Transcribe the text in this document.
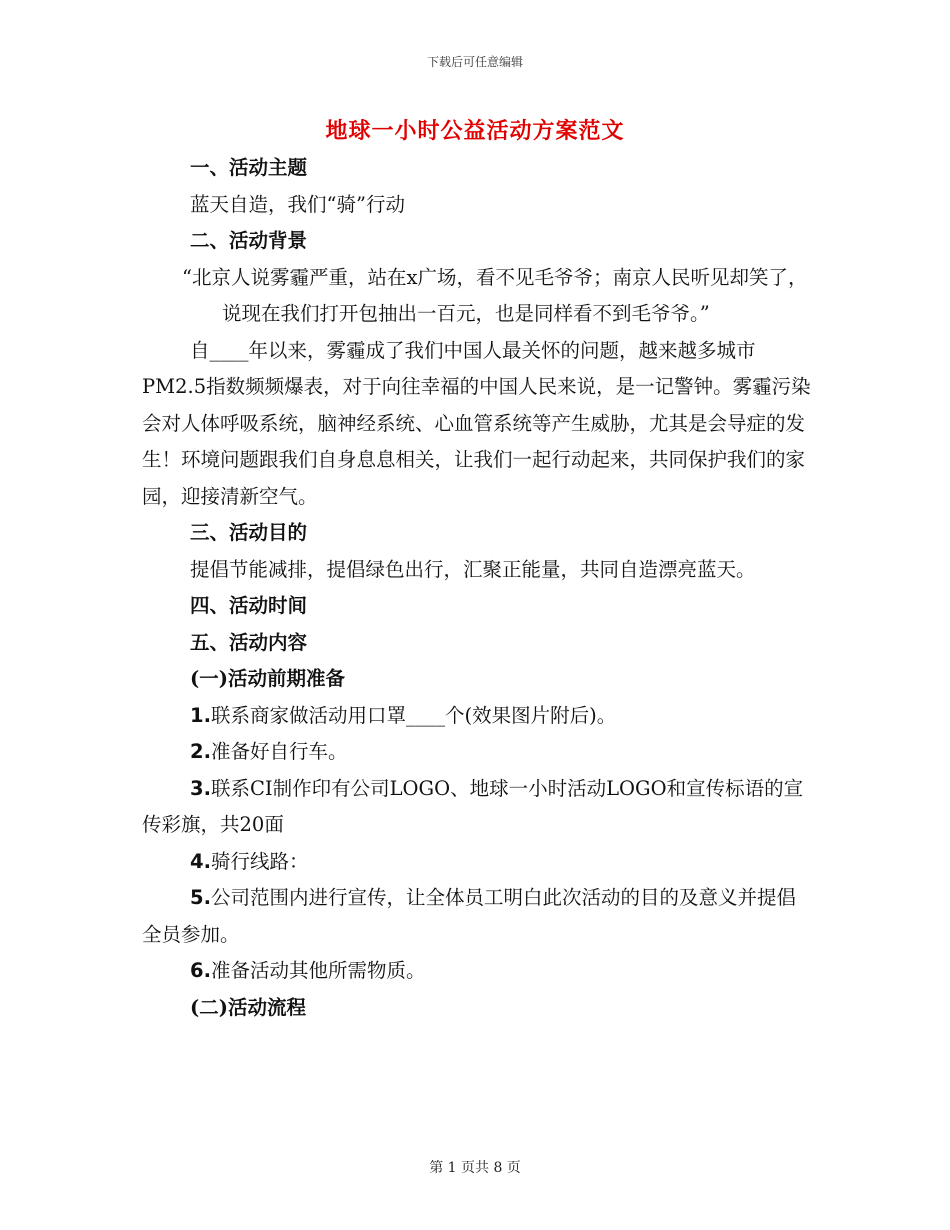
下载后可任意编辑
地球一小时公益活动方案范文

一、活动主题

蓝天自造，我们“骑”行动

二、活动背景

“北京人说雾霾严重，站在x广场，看不见毛爷爷；南京人民听见却笑了，说现在我们打开包抽出一百元，也是同样看不到毛爷爷。”

自____年以来，雾霾成了我们中国人最关怀的问题，越来越多城市PM2.5指数频频爆表，对于向往幸福的中国人民来说，是一记警钟。雾霾污染会对人体呼吸系统，脑神经系统、心血管系统等产生威胁，尤其是会导症的发生！环境问题跟我们自身息息相关，让我们一起行动起来，共同保护我们的家园，迎接清新空气。

三、活动目的

提倡节能减排，提倡绿色出行，汇聚正能量，共同自造漂亮蓝天。

四、活动时间

五、活动内容

(一)活动前期准备

1.联系商家做活动用口罩____个(效果图片附后)。

2.准备好自行车。

3.联系CI制作印有公司LOGO、地球一小时活动LOGO和宣传标语的宣传彩旗，共20面

4.骑行线路：

5.公司范围内进行宣传，让全体员工明白此次活动的目的及意义并提倡全员参加。

6.准备活动其他所需物质。

(二)活动流程

第 1 页共 8 页
